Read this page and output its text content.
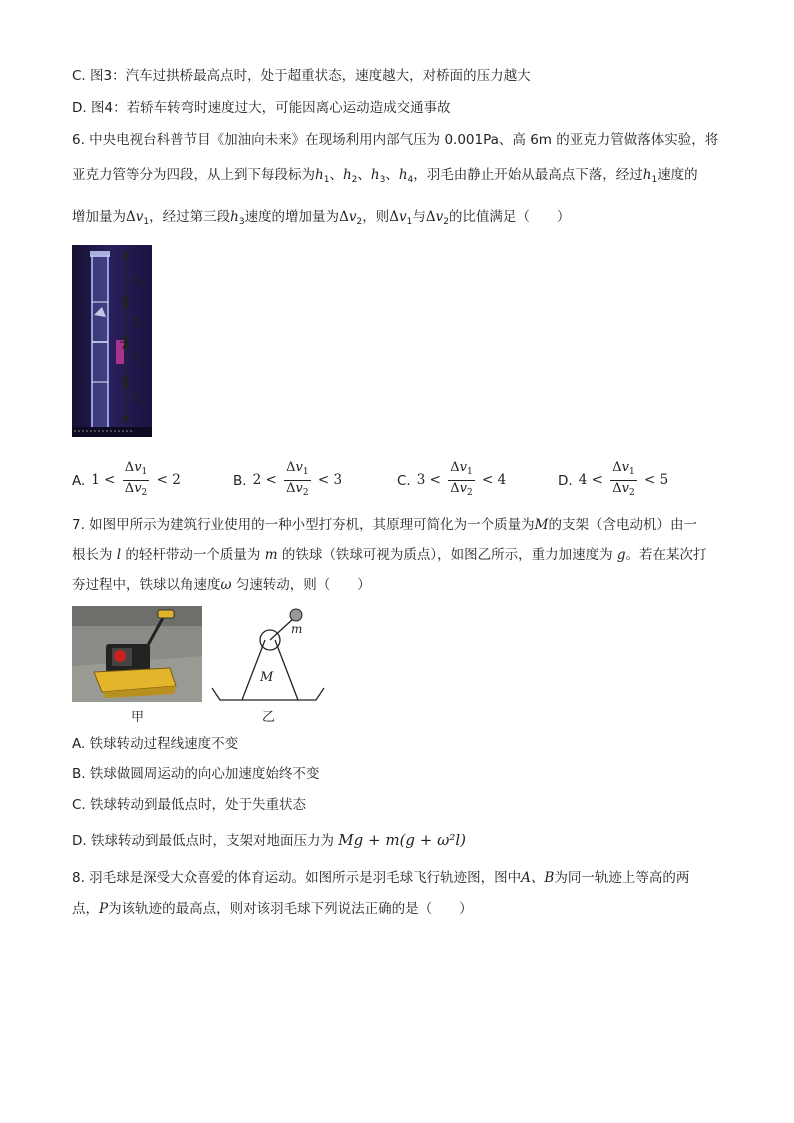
C. 图3：汽车过拱桥最高点时，处于超重状态，速度越大，对桥面的压力越大
D. 图4：若轿车转弯时速度过大，可能因离心运动造成交通事故
6. 中央电视台科普节目《加油向未来》在现场利用内部气压为 0.001Pa、高 6m 的亚克力管做落体实验，将
亚克力管等分为四段，从上到下每段标为$h_1$、$h_2$、$h_3$、$h_4$，羽毛由静止开始从最高点下落，经过$h_1$速度的
增加量为$\Delta v_1$，经过第三段$h_3$速度的增加量为$\Delta v_2$，则$\Delta v_1$与$\Delta v_2$的比值满足（　　）
$h_1$
$h_2$
$h_3$
$h_4$
A. $1 < \frac{\Delta v_1}{\Delta v_2} < 2$	B. $2 < \frac{\Delta v_1}{\Delta v_2} < 3$	C. $3 < \frac{\Delta v_1}{\Delta v_2} < 4$	D. $4 < \frac{\Delta v_1}{\Delta v_2} < 5$
7. 如图甲所示为建筑行业使用的一种小型打夯机，其原理可简化为一个质量为M的支架（含电动机）由一
根长为 l 的轻杆带动一个质量为 m 的铁球（铁球可视为质点），如图乙所示，重力加速度为 g。若在某次打
夯过程中，铁球以角速度ω 匀速转动，则（　　）
甲
M
m
乙
A. 铁球转动过程线速度不变
B. 铁球做圆周运动的向心加速度始终不变
C. 铁球转动到最低点时，处于失重状态
D. 铁球转动到最低点时，支架对地面压力为 Mg + m(g + ω²l)
8. 羽毛球是深受大众喜爱的体育运动。如图所示是羽毛球飞行轨迹图，图中A、B为同一轨迹上等高的两
点，P为该轨迹的最高点，则对该羽毛球下列说法正确的是（　　）
